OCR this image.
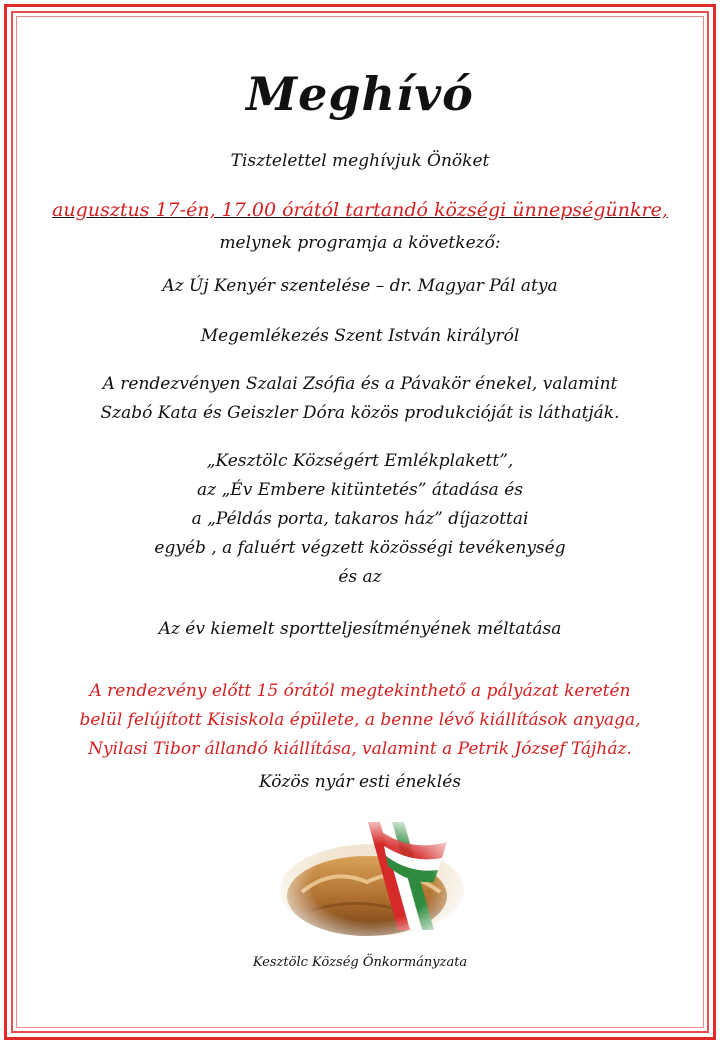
Meghívó
Tisztelettel meghívjuk Önöket
augusztus 17-én, 17.00 órától tartandó községi ünnepségünkre,
melynek programja a következő:
Az Új Kenyér szentelése – dr. Magyar Pál atya
Megemlékezés Szent István királyról
A rendezvényen Szalai Zsófia és a Pávakör énekel, valamint
Szabó Kata és Geiszler Dóra közös produkcióját is láthatják.
„Kesztölc Községért Emlékplakett”,
az „Év Embere kitüntetés” átadása és
a „Példás porta, takaros ház” díjazottai
egyéb , a faluért végzett közösségi tevékenység
és az
Az év kiemelt sportteljesítményének méltatása
A rendezvény előtt 15 órától megtekinthető a pályázat keretén
belül felújított Kisiskola épülete, a benne lévő kiállítások anyaga,
Nyilasi Tibor állandó kiállítása, valamint a Petrik József Tájház.
Közös nyár esti éneklés
Kesztölc Község Önkormányzata
